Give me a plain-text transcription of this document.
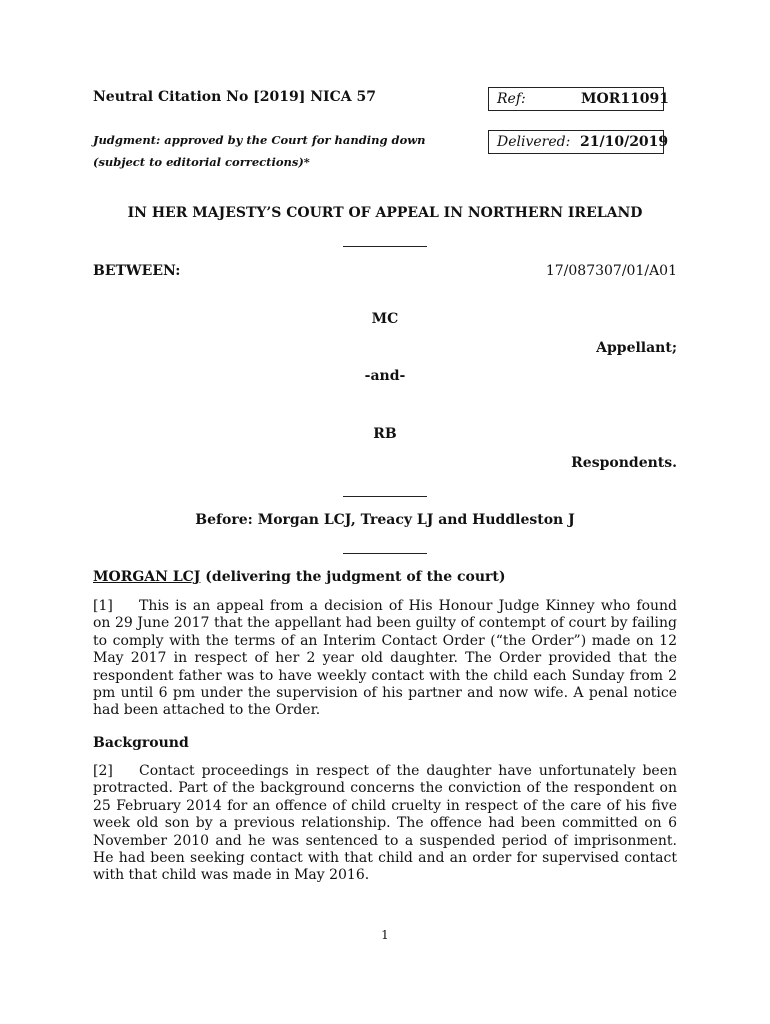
Neutral Citation No [2019] NICA 57	Ref:	MOR11091
Delivered: 21/10/2019
Judgment: approved by the Court for handing down
(subject to editorial corrections)*
IN HER MAJESTY’S COURT OF APPEAL IN NORTHERN IRELAND
BETWEEN:	17/087307/01/A01
MC
Appellant;
-and-
RB
Respondents.
Before: Morgan LCJ, Treacy LJ and Huddleston J
MORGAN LCJ (delivering the judgment of the court)
[1] This is an appeal from a decision of His Honour Judge Kinney who found on 29 June 2017 that the appellant had been guilty of contempt of court by failing to comply with the terms of an Interim Contact Order (“the Order”) made on 12 May 2017 in respect of her 2 year old daughter. The Order provided that the respondent father was to have weekly contact with the child each Sunday from 2 pm until 6 pm under the supervision of his partner and now wife. A penal notice had been attached to the Order.
Background
[2] Contact proceedings in respect of the daughter have unfortunately been protracted. Part of the background concerns the conviction of the respondent on 25 February 2014 for an offence of child cruelty in respect of the care of his five week old son by a previous relationship. The offence had been committed on 6 November 2010 and he was sentenced to a suspended period of imprisonment. He had been seeking contact with that child and an order for supervised contact with that child was made in May 2016.
1
